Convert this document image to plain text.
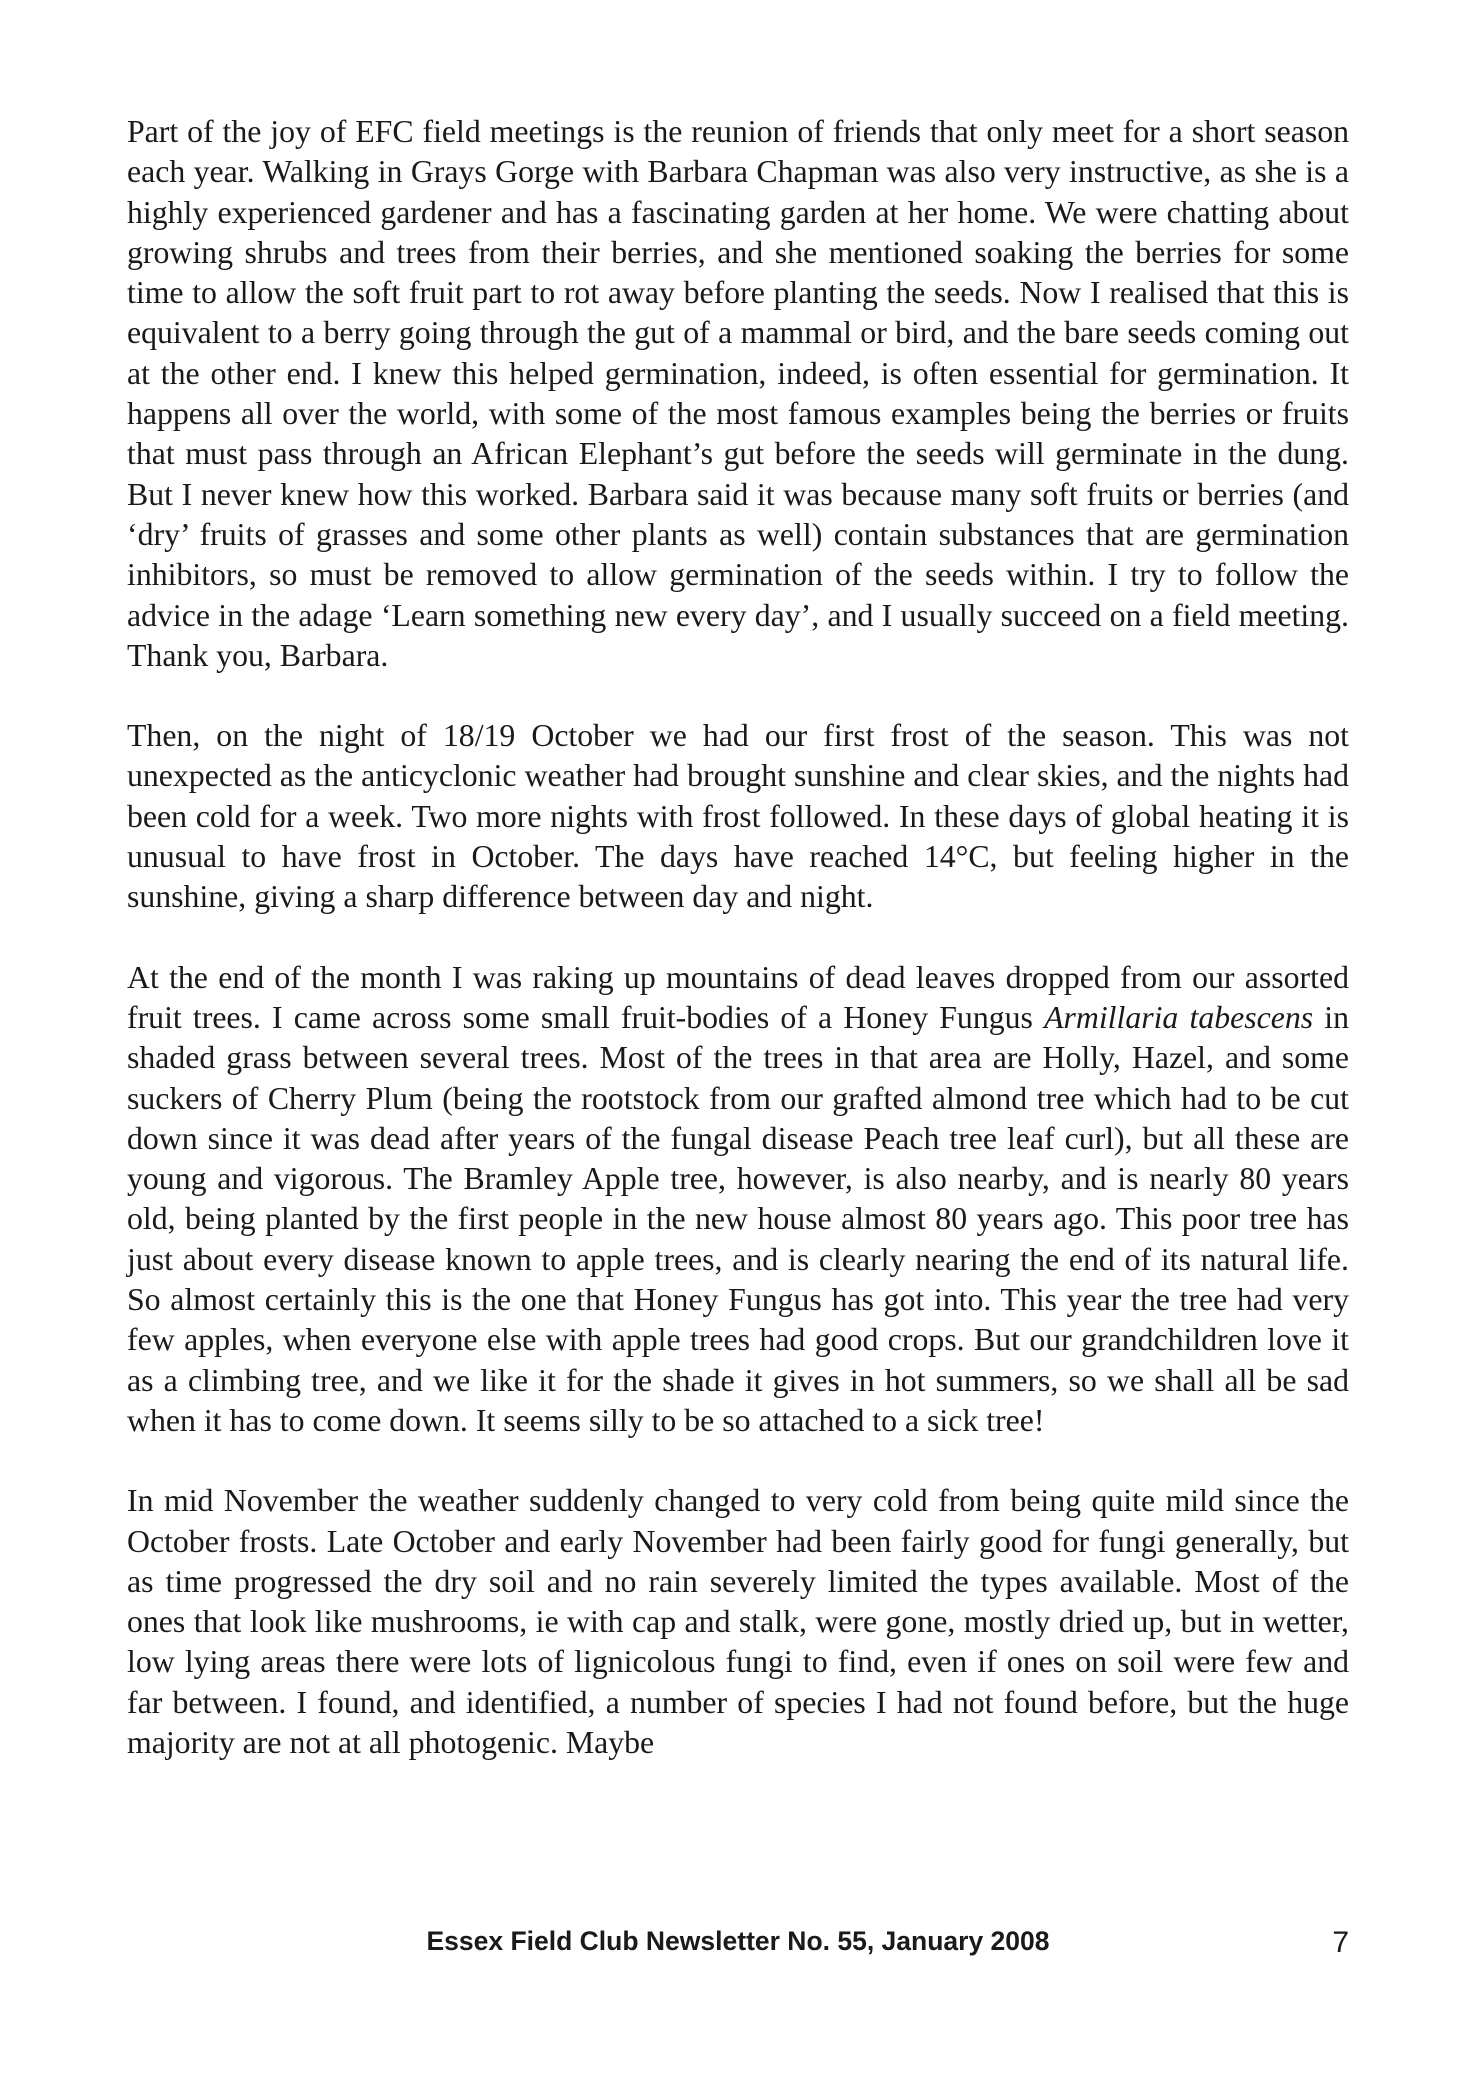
Part of the joy of EFC field meetings is the reunion of friends that only meet for a short season each year. Walking in Grays Gorge with Barbara Chapman was also very instructive, as she is a highly experienced gardener and has a fascinating garden at her home. We were chatting about growing shrubs and trees from their berries, and she mentioned soaking the berries for some time to allow the soft fruit part to rot away before planting the seeds. Now I realised that this is equivalent to a berry going through the gut of a mammal or bird, and the bare seeds coming out at the other end. I knew this helped germination, indeed, is often essential for germination. It happens all over the world, with some of the most famous examples being the berries or fruits that must pass through an African Elephant’s gut before the seeds will germinate in the dung. But I never knew how this worked. Barbara said it was because many soft fruits or berries (and ‘dry’ fruits of grasses and some other plants as well) contain substances that are germination inhibitors, so must be removed to allow germination of the seeds within. I try to follow the advice in the adage ‘Learn something new every day’, and I usually succeed on a field meeting. Thank you, Barbara.

Then, on the night of 18/19 October we had our first frost of the season. This was not unexpected as the anticyclonic weather had brought sunshine and clear skies, and the nights had been cold for a week. Two more nights with frost followed. In these days of global heating it is unusual to have frost in October. The days have reached 14°C, but feeling higher in the sunshine, giving a sharp difference between day and night.

At the end of the month I was raking up mountains of dead leaves dropped from our assorted fruit trees. I came across some small fruit-bodies of a Honey Fungus Armillaria tabescens in shaded grass between several trees. Most of the trees in that area are Holly, Hazel, and some suckers of Cherry Plum (being the rootstock from our grafted almond tree which had to be cut down since it was dead after years of the fungal disease Peach tree leaf curl), but all these are young and vigorous. The Bramley Apple tree, however, is also nearby, and is nearly 80 years old, being planted by the first people in the new house almost 80 years ago. This poor tree has just about every disease known to apple trees, and is clearly nearing the end of its natural life. So almost certainly this is the one that Honey Fungus has got into. This year the tree had very few apples, when everyone else with apple trees had good crops. But our grandchildren love it as a climbing tree, and we like it for the shade it gives in hot summers, so we shall all be sad when it has to come down. It seems silly to be so attached to a sick tree!

In mid November the weather suddenly changed to very cold from being quite mild since the October frosts. Late October and early November had been fairly good for fungi generally, but as time progressed the dry soil and no rain severely limited the types available. Most of the ones that look like mushrooms, ie with cap and stalk, were gone, mostly dried up, but in wetter, low lying areas there were lots of lignicolous fungi to find, even if ones on soil were few and far between. I found, and identified, a number of species I had not found before, but the huge majority are not at all photogenic. Maybe

Essex Field Club Newsletter No. 55, January 2008	7
